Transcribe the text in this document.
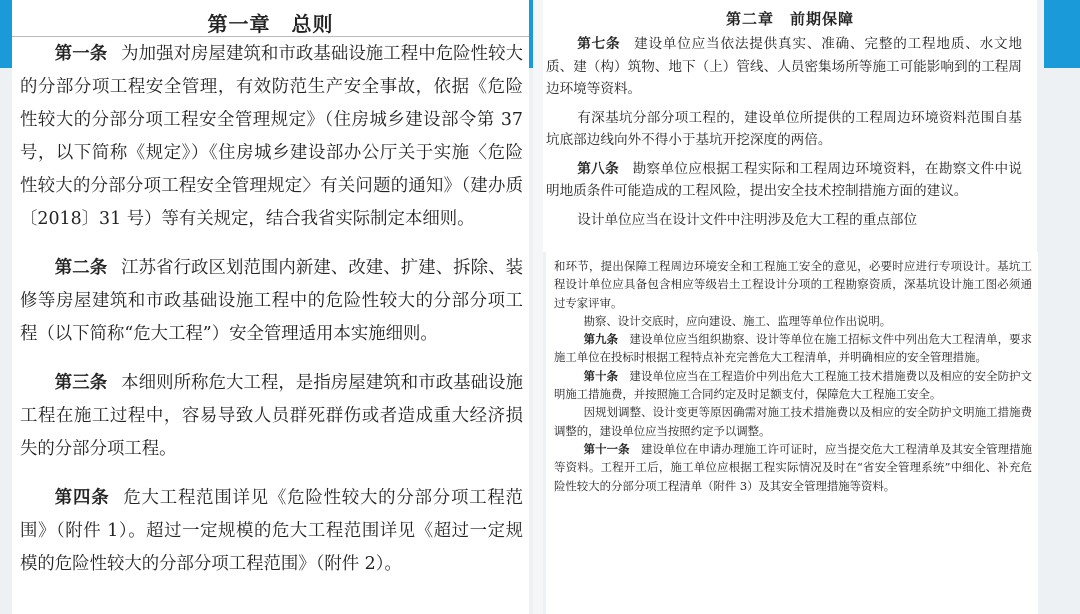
第一章　总则

第一条 为加强对房屋建筑和市政基础设施工程中危险性较大的分部分项工程安全管理，有效防范生产安全事故，依据《危险性较大的分部分项工程安全管理规定》（住房城乡建设部令第 37 号，以下简称《规定》）《住房城乡建设部办公厅关于实施〈危险性较大的分部分项工程安全管理规定〉有关问题的通知》（建办质〔2018〕31 号）等有关规定，结合我省实际制定本细则。

第二条 江苏省行政区划范围内新建、改建、扩建、拆除、装修等房屋建筑和市政基础设施工程中的危险性较大的分部分项工程（以下简称“危大工程”）安全管理适用本实施细则。

第三条 本细则所称危大工程，是指房屋建筑和市政基础设施工程在施工过程中，容易导致人员群死群伤或者造成重大经济损失的分部分项工程。

第四条 危大工程范围详见《危险性较大的分部分项工程范围》（附件 1）。超过一定规模的危大工程范围详见《超过一定规模的危险性较大的分部分项工程范围》（附件 2）。

第二章　前期保障

第七条 建设单位应当依法提供真实、准确、完整的工程地质、水文地质、建（构）筑物、地下（上）管线、人员密集场所等施工可能影响到的工程周边环境等资料。

有深基坑分部分项工程的，建设单位所提供的工程周边环境资料范围自基坑底部边线向外不得小于基坑开挖深度的两倍。

第八条 勘察单位应根据工程实际和工程周边环境资料，在勘察文件中说明地质条件可能造成的工程风险，提出安全技术控制措施方面的建议。

设计单位应当在设计文件中注明涉及危大工程的重点部位

和环节，提出保障工程周边环境安全和工程施工安全的意见，必要时应进行专项设计。基坑工程设计单位应具备包含相应等级岩土工程设计分项的工程勘察资质，深基坑设计施工图必须通过专家评审。

勘察、设计交底时，应向建设、施工、监理等单位作出说明。

第九条 建设单位应当组织勘察、设计等单位在施工招标文件中列出危大工程清单，要求施工单位在投标时根据工程特点补充完善危大工程清单，并明确相应的安全管理措施。

第十条 建设单位应当在工程造价中列出危大工程施工技术措施费以及相应的安全防护文明施工措施费，并按照施工合同约定及时足额支付，保障危大工程施工安全。

因规划调整、设计变更等原因确需对施工技术措施费以及相应的安全防护文明施工措施费调整的，建设单位应当按照约定予以调整。

第十一条 建设单位在申请办理施工许可证时，应当提交危大工程清单及其安全管理措施等资料。工程开工后，施工单位应根据工程实际情况及时在“省安全管理系统”中细化、补充危险性较大的分部分项工程清单（附件 3）及其安全管理措施等资料。
